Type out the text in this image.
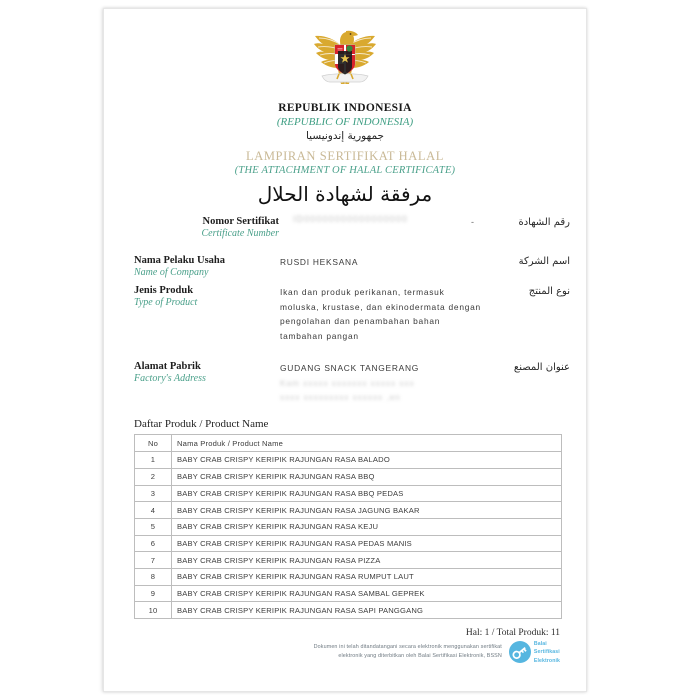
REPUBLIK INDONESIA
(REPUBLIC OF INDONESIA)
جمهورية إندونيسيا
LAMPIRAN SERTIFIKAT HALAL
(THE ATTACHMENT OF HALAL CERTIFICATE)
مرفقة لشهادة الحلال
Nomor Sertifikat
Certificate Number
ID00000000000000000	-	رقم الشهادة
Nama Pelaku Usaha
Name of Company
RUSDI HEKSANA	اسم الشركة
Jenis Produk
Type of Product
Ikan dan produk perikanan, termasuk moluska, krustase, dan ekinodermata dengan pengolahan dan penambahan bahan tambahan pangan
نوع المنتج
Alamat Pabrik
Factory's Address
GUDANG SNACK TANGERANG
Kam xxxxx xxxxxxx xxxxx xxx
xxxx xxxxxxxxx xxxxxx ,en
عنوان المصنع
Daftar Produk / Product Name
No	Nama Produk / Product Name
1	BABY CRAB CRISPY KERIPIK RAJUNGAN RASA BALADO
2	BABY CRAB CRISPY KERIPIK RAJUNGAN RASA BBQ
3	BABY CRAB CRISPY KERIPIK RAJUNGAN RASA BBQ PEDAS
4	BABY CRAB CRISPY KERIPIK RAJUNGAN RASA JAGUNG BAKAR
5	BABY CRAB CRISPY KERIPIK RAJUNGAN RASA KEJU
6	BABY CRAB CRISPY KERIPIK RAJUNGAN RASA PEDAS MANIS
7	BABY CRAB CRISPY KERIPIK RAJUNGAN RASA PIZZA
8	BABY CRAB CRISPY KERIPIK RAJUNGAN RASA RUMPUT LAUT
9	BABY CRAB CRISPY KERIPIK RAJUNGAN RASA SAMBAL GEPREK
10	BABY CRAB CRISPY KERIPIK RAJUNGAN RASA SAPI PANGGANG
Hal: 1 / Total Produk: 11
Dokumen ini telah ditandatangani secara elektronik menggunakan sertifikat
elektronik yang diterbitkan oleh Balai Sertifikasi Elektronik, BSSN
Balai
Sertifikasi
Elektronik
